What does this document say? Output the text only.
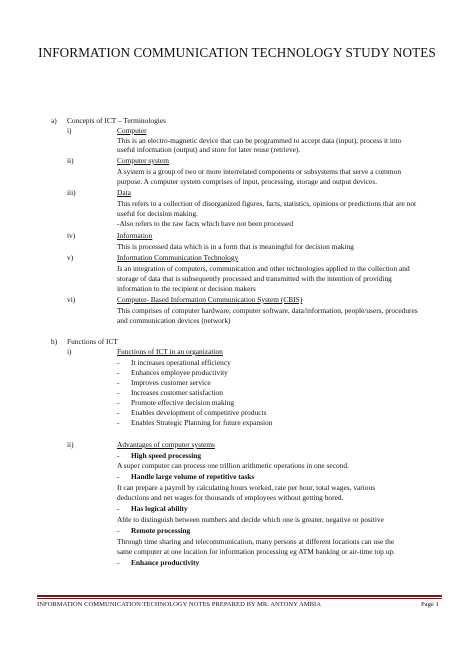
INFORMATION COMMUNICATION TECHNOLOGY STUDY NOTES
a) Concepts of ICT – Terminologies
i)	Computer
This is an electro-magnetic device that can be programmed to accept data (input), process it into
useful information (output) and store for later reuse (retrieve).
ii)	Computer system
A system is a group of two or more interrelated components or subsystems that serve a common
purpose. A computer system comprises of input, processing, storage and output devices.
iii)	Data
This refers to a collection of disorganized figures, facts, statistics, opinions or predictions that are not
useful for decision making.
-Also refers to the raw facts which have not been processed
iv)	Information
This is processed data which is in a form that is meaningful for decision making
v)	Information Communication Technology
Is an integration of computers, communication and other technologies applied to the collection and
storage of data that is subsequently processed and transmitted with the intention of providing
information to the recipient or decision makers
vi)	Computer- Based Information Communication System (CBIS)
This comprises of computer hardware, computer software, data/information, people/users, procedures
and communication devices (network)
b) Functions of ICT
i)	Functions of ICT in an organization
- It increases operational efficiency
- Enhances employee productivity
- Improves customer service
- Increases customer satisfaction
- Promote effective decision making
- Enables development of competitive products
- Enables Strategic Planning for future expansion
ii)	Advantages of computer systems
- High speed processing
A super computer can process one trillion arithmetic operations in one second.
- Handle large volume of repetitive tasks
It can prepare a payroll by calculating hours worked, rate per hour, total wages, various
deductions and net wages for thousands of employees without getting bored.
- Has logical ability
Able to distinguish between numbers and decide which one is greater, negative or positive
- Remote processing
Through time sharing and telecommunication, many persons at different locations can use the
same computer at one location for information processing eg ATM banking or air-time top up.
- Enhance productivity
INFORMATION COMMUNICATION TECHNOLOGY NOTES PREPARED BY MR. ANTONY AMBIA	Page 1
